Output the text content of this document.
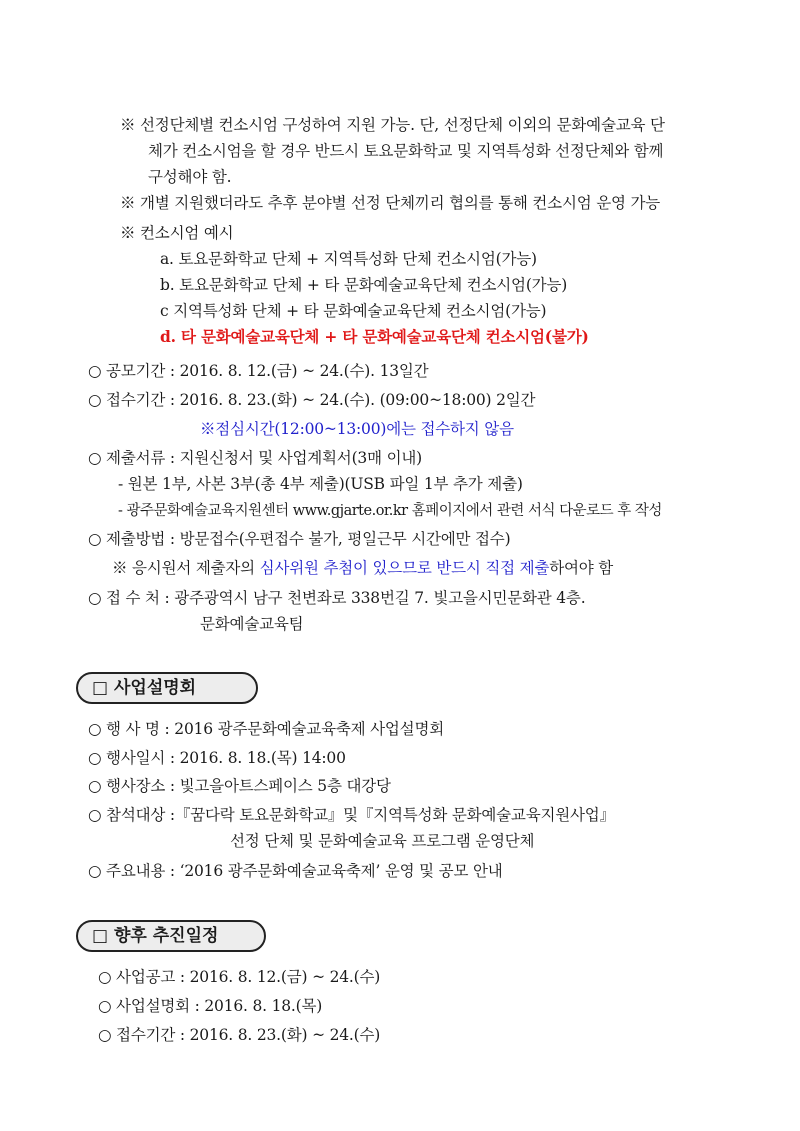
※ 선정단체별 컨소시엄 구성하여 지원 가능. 단, 선정단체 이외의 문화예술교육 단
체가 컨소시엄을 할 경우 반드시 토요문화학교 및 지역특성화 선정단체와 함께
구성해야 함.
※ 개별 지원했더라도 추후 분야별 선정 단체끼리 협의를 통해 컨소시엄 운영 가능
※ 컨소시엄 예시
a. 토요문화학교 단체 + 지역특성화 단체 컨소시엄(가능)
b. 토요문화학교 단체 + 타 문화예술교육단체 컨소시엄(가능)
c 지역특성화 단체 + 타 문화예술교육단체 컨소시엄(가능)
d. 타 문화예술교육단체 + 타 문화예술교육단체 컨소시엄(불가)
○ 공모기간 : 2016. 8. 12.(금) ~ 24.(수). 13일간
○ 접수기간 : 2016. 8. 23.(화) ~ 24.(수). (09:00~18:00) 2일간
※점심시간(12:00~13:00)에는 접수하지 않음
○ 제출서류 : 지원신청서 및 사업계획서(3매 이내)
- 원본 1부, 사본 3부(총 4부 제출)(USB 파일 1부 추가 제출)
- 광주문화예술교육지원센터 www.gjarte.or.kr 홈페이지에서 관련 서식 다운로드 후 작성
○ 제출방법 : 방문접수(우편접수 불가, 평일근무 시간에만 접수)
※ 응시원서 제출자의 심사위원 추첨이 있으므로 반드시 직접 제출하여야 함
○ 접 수 처 : 광주광역시 남구 천변좌로 338번길 7. 빛고을시민문화관 4층.
문화예술교육팀
□ 사업설명회
○ 행 사 명 : 2016 광주문화예술교육축제 사업설명회
○ 행사일시 : 2016. 8. 18.(목) 14:00
○ 행사장소 : 빛고을아트스페이스 5층 대강당
○ 참석대상 :『꿈다락 토요문화학교』및『지역특성화 문화예술교육지원사업』
선정 단체 및 문화예술교육 프로그램 운영단체
○ 주요내용 : ‘2016 광주문화예술교육축제’ 운영 및 공모 안내
□ 향후 추진일정
○ 사업공고 : 2016. 8. 12.(금) ~ 24.(수)
○ 사업설명회 : 2016. 8. 18.(목)
○ 접수기간 : 2016. 8. 23.(화) ~ 24.(수)
